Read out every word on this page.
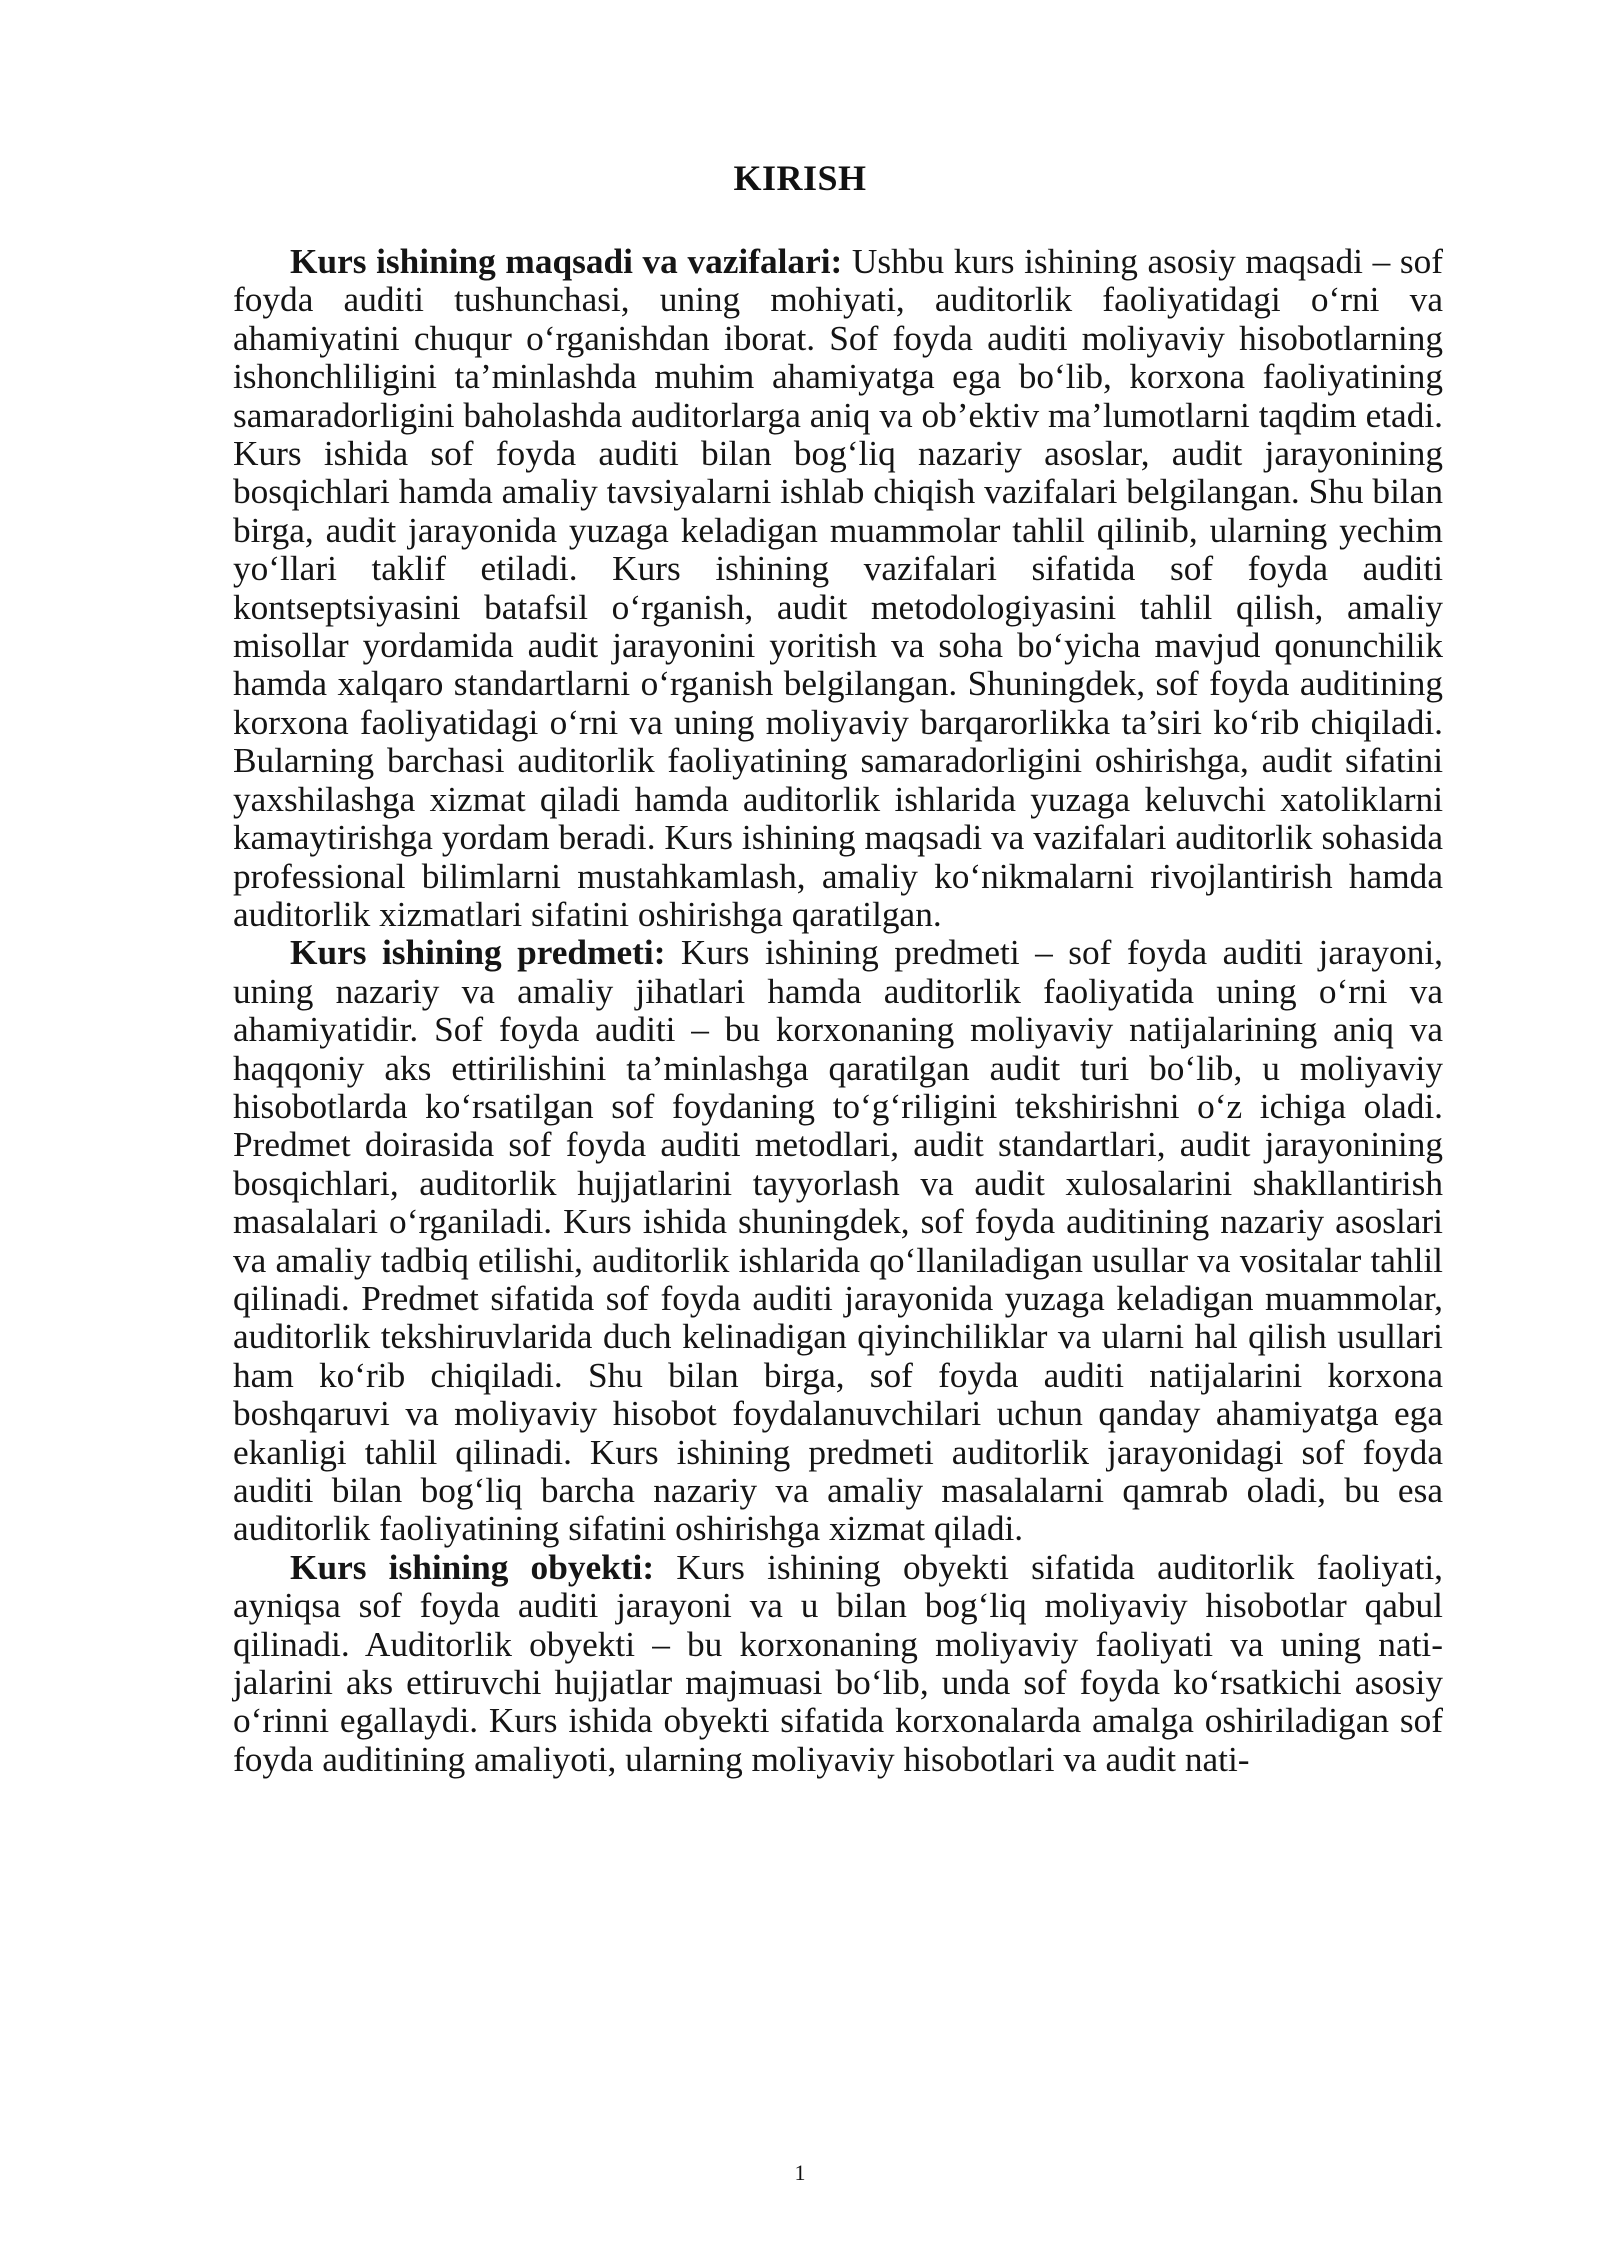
KIRISH

Kurs ishining maqsadi va vazifalari: Ushbu kurs ishining asosiy maqsadi – sof foyda auditi tushunchasi, uning mohiyati, auditorlik faoliyatidagi o‘rni va ahamiyatini chuqur o‘rganishdan iborat. Sof foyda auditi moliyaviy hisobotlarning ishonchliligini ta’minlashda muhim ahamiyatga ega bo‘lib, korxona faoliyatining samaradorligini baholashda auditorlarga aniq va ob’ektiv ma’lumotlarni taqdim etadi. Kurs ishida sof foyda auditi bilan bog‘liq nazariy asoslar, audit jarayonining bosqichlari hamda amaliy tavsiyalarni ishlab chiqish vazifalari belgilangan. Shu bilan birga, audit jarayonida yuzaga keladigan muammolar tahlil qilinib, ularning yechim yo‘llari taklif etiladi. Kurs ishining vazifalari sifatida sof foyda auditi kontseptsiyasini batafsil o‘rganish, audit metodologiyasini tahlil qilish, amaliy misollar yordamida audit jarayonini yoritish va soha bo‘yicha mavjud qonunchilik hamda xalqaro standartlarni o‘rganish belgilangan. Shuningdek, sof foyda auditining korxona faoliyatidagi o‘rni va uning moliyaviy barqarorlikka ta’siri ko‘rib chiqiladi. Bularning barchasi auditorlik faoliyatining samaradorligini oshirishga, audit sifatini yaxshilashga xizmat qiladi hamda auditorlik ishlarida yuzaga keluvchi xatoliklarni kamaytirishga yordam beradi. Kurs ishining maqsadi va vazifalari auditorlik sohasida professional bilimlarni mustahkamlash, amaliy ko‘nikmalarni rivojlantirish hamda auditorlik xizmatlari sifatini oshirishga qaratilgan.

Kurs ishining predmeti: Kurs ishining predmeti – sof foyda auditi jarayoni, uning nazariy va amaliy jihatlari hamda auditorlik faoliyatida uning o‘rni va ahamiyatidir. Sof foyda auditi – bu korxonaning moliyaviy natijalarining aniq va haqqoniy aks ettirilishini ta’minlashga qaratilgan audit turi bo‘lib, u moliyaviy hisobotlarda ko‘rsatilgan sof foydaning to‘g‘riligini tekshirishni o‘z ichiga oladi. Predmet doirasida sof foyda auditi metodlari, audit standartlari, audit jarayonining bosqichlari, auditorlik hujjatlarini tayyorlash va audit xulosalarini shakllantirish masalalari o‘rganiladi. Kurs ishida shuningdek, sof foyda auditining nazariy asoslari va amaliy tadbiq etilishi, auditorlik ishlarida qo‘llaniladigan usullar va vositalar tahlil qilinadi. Predmet sifatida sof foyda auditi jarayonida yuzaga keladigan muammolar, auditorlik tekshiruvlarida duch kelinadigan qiyinchiliklar va ularni hal qilish usullari ham ko‘rib chiqiladi. Shu bilan birga, sof foyda auditi natijalarini korxona boshqaruvi va moliyaviy hisobot foydalanuvchilari uchun qanday ahamiyatga ega ekanligi tahlil qilinadi. Kurs ishining predmeti auditorlik jarayonidagi sof foyda auditi bilan bog‘liq barcha nazariy va amaliy masalalarni qamrab oladi, bu esa auditorlik faoliyatining sifatini oshirishga xizmat qiladi.

Kurs ishining obyekti: Kurs ishining obyekti sifatida auditorlik faoliyati, ayniqsa sof foyda auditi jarayoni va u bilan bog‘liq moliyaviy hisobotlar qabul qilinadi. Auditorlik obyekti – bu korxonaning moliyaviy faoliyati va uning natijalarini aks ettiruvchi hujjatlar majmuasi bo‘lib, unda sof foyda ko‘rsatkichi asosiy o‘rinni egallaydi. Kurs ishida obyekti sifatida korxonalarda amalga oshiriladigan sof foyda auditining amaliyoti, ularning moliyaviy hisobotlari va audit nati-

1
